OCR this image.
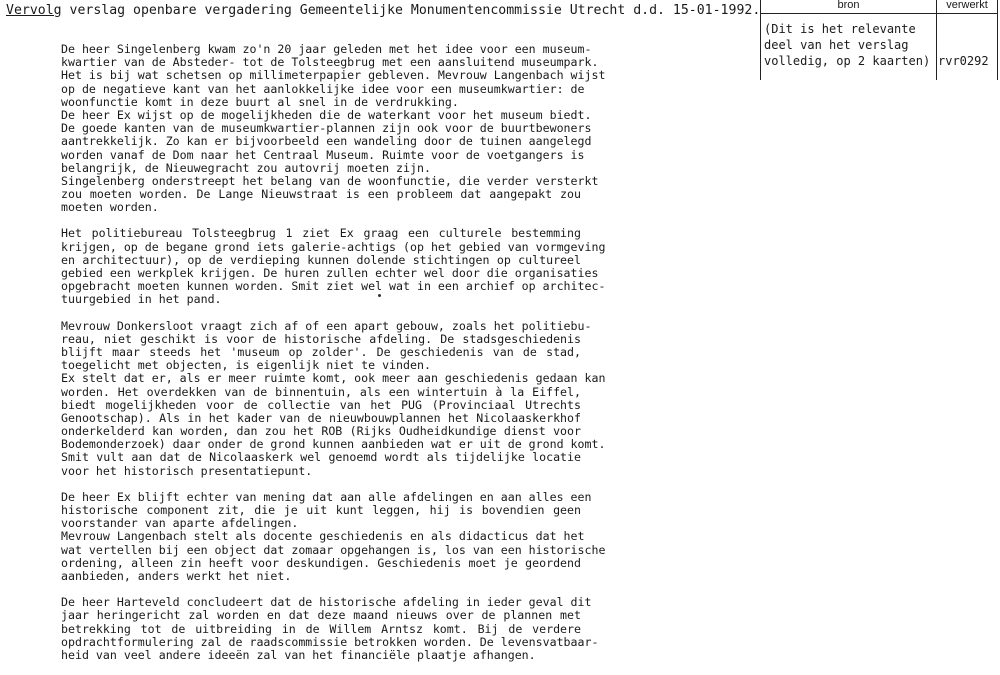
Vervolg verslag openbare vergadering Gemeentelijke Monumentencommissie Utrecht d.d. 15-01-1992.	bron	verwerkt
(Dit is het relevante
deel van het verslag
volledig, op 2 kaarten) rvr0292
De heer Singelenberg kwam zo'n 20 jaar geleden met het idee voor een museum-
kwartier van de Absteder- tot de Tolsteegbrug met een aansluitend museumpark.
Het is bij wat schetsen op millimeterpapier gebleven. Mevrouw Langenbach wijst
op de negatieve kant van het aanlokkelijke idee voor een museumkwartier: de
woonfunctie komt in deze buurt al snel in de verdrukking.
De heer Ex wijst op de mogelijkheden die de waterkant voor het museum biedt.
De goede kanten van de museumkwartier-plannen zijn ook voor de buurtbewoners
aantrekkelijk. Zo kan er bijvoorbeeld een wandeling door de tuinen aangelegd
worden vanaf de Dom naar het Centraal Museum. Ruimte voor de voetgangers is
belangrijk, de Nieuwegracht zou autovrij moeten zijn.
Singelenberg onderstreept het belang van de woonfunctie, die verder versterkt
zou moeten worden. De Lange Nieuwstraat is een probleem dat aangepakt zou
moeten worden.
Het politiebureau Tolsteegbrug 1 ziet Ex graag een culturele bestemming
krijgen, op de begane grond iets galerie-achtigs (op het gebied van vormgeving
en architectuur), op de verdieping kunnen dolende stichtingen op cultureel
gebied een werkplek krijgen. De huren zullen echter wel door die organisaties
opgebracht moeten kunnen worden. Smit ziet wel wat in een archief op architec-
tuurgebied in het pand.
Mevrouw Donkersloot vraagt zich af of een apart gebouw, zoals het politiebu-
reau, niet geschikt is voor de historische afdeling. De stadsgeschiedenis
blijft maar steeds het 'museum op zolder'. De geschiedenis van de stad,
toegelicht met objecten, is eigenlijk niet te vinden.
Ex stelt dat er, als er meer ruimte komt, ook meer aan geschiedenis gedaan kan
worden. Het overdekken van de binnentuin, als een wintertuin à la Eiffel,
biedt mogelijkheden voor de collectie van het PUG (Provinciaal Utrechts
Genootschap). Als in het kader van de nieuwbouwplannen het Nicolaaskerkhof
onderkelderd kan worden, dan zou het ROB (Rijks Oudheidkundige dienst voor
Bodemonderzoek) daar onder de grond kunnen aanbieden wat er uit de grond komt.
Smit vult aan dat de Nicolaaskerk wel genoemd wordt als tijdelijke locatie
voor het historisch presentatiepunt.
De heer Ex blijft echter van mening dat aan alle afdelingen en aan alles een
historische component zit, die je uit kunt leggen, hij is bovendien geen
voorstander van aparte afdelingen.
Mevrouw Langenbach stelt als docente geschiedenis en als didacticus dat het
wat vertellen bij een object dat zomaar opgehangen is, los van een historische
ordening, alleen zin heeft voor deskundigen. Geschiedenis moet je geordend
aanbieden, anders werkt het niet.
De heer Harteveld concludeert dat de historische afdeling in ieder geval dit
jaar heringericht zal worden en dat deze maand nieuws over de plannen met
betrekking tot de uitbreiding in de Willem Arntsz komt. Bij de verdere
opdrachtformulering zal de raadscommissie betrokken worden. De levensvatbaar-
heid van veel andere ideeën zal van het financiële plaatje afhangen.
